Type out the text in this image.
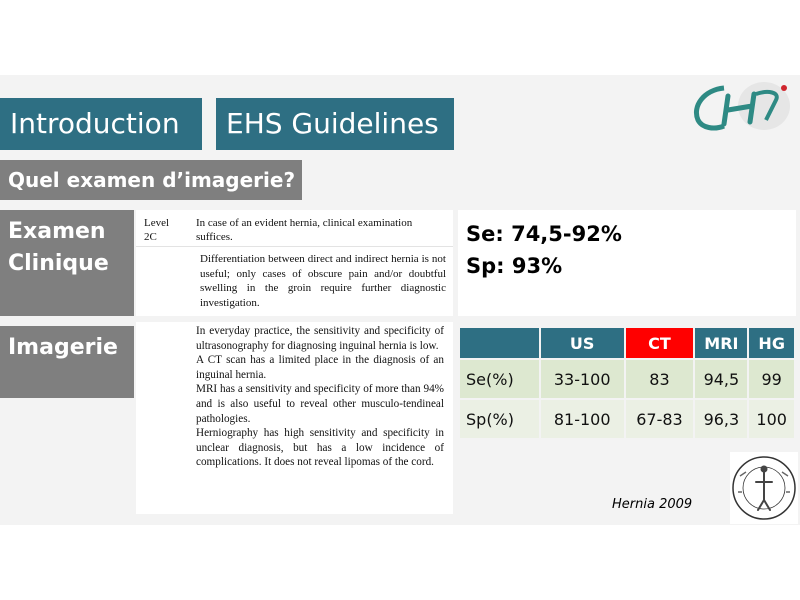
Introduction	EHS Guidelines
Quel examen d’imagerie?
Examen
Clinique
Level
2C
In case of an evident hernia, clinical examination suffices.
Differentiation between direct and indirect hernia is not useful; only cases of obscure pain and/or doubtful swelling in the groin require further diagnostic investigation.
Se: 74,5-92%
Sp: 93%
Imagerie

In everyday practice, the sensitivity and specificity of ultrasonography for diagnosing inguinal hernia is low.

A CT scan has a limited place in the diagnosis of an inguinal hernia.

MRI has a sensitivity and specificity of more than 94% and is also useful to reveal other musculo-tendineal pathologies.

Herniography has high sensitivity and specificity in unclear diagnosis, but has a low incidence of complications. It does not reveal lipomas of the cord.

	US	CT	MRI	HG
Se(%)	33-100	83	94,5	99
Sp(%)	81-100	67-83	96,3	100
Hernia 2009
